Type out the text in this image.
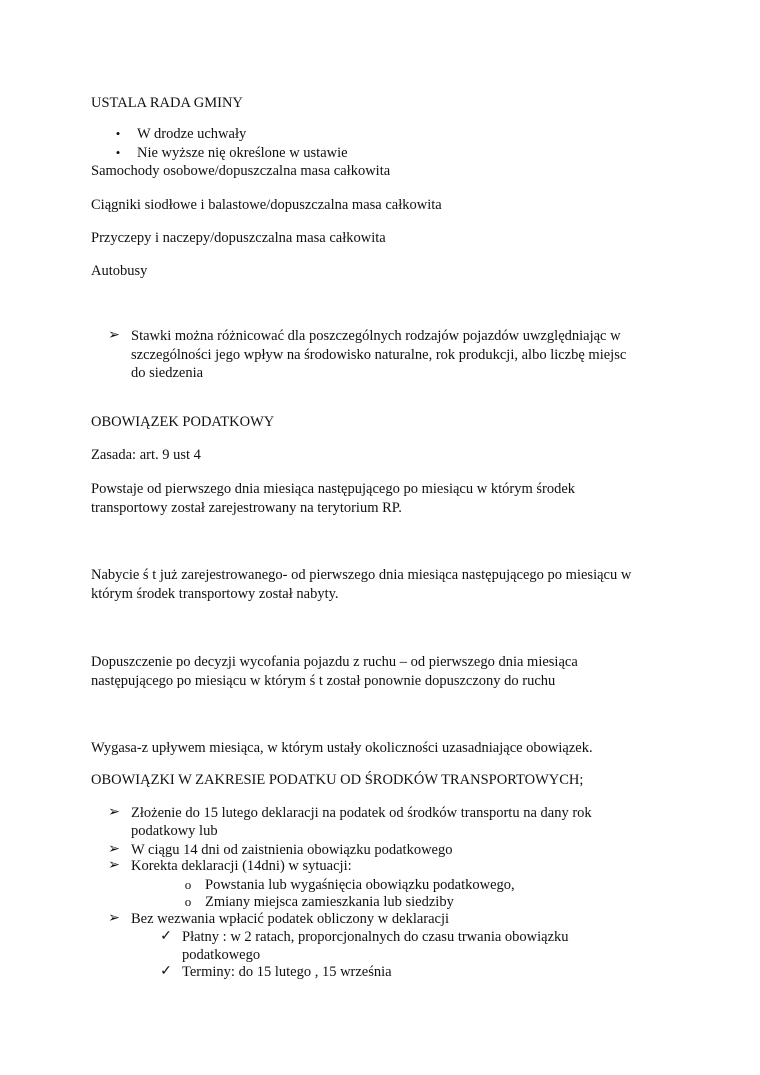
USTALA RADA GMINY
•	W drodze uchwały
•	Nie wyższe nię określone w ustawie
Samochody osobowe/dopuszczalna masa całkowita
Ciągniki siodłowe i balastowe/dopuszczalna masa całkowita
Przyczepy i naczepy/dopuszczalna masa całkowita
Autobusy
➢ Stawki można różnicować dla poszczególnych rodzajów pojazdów uwzględniając w
szczególności jego wpływ na środowisko naturalne, rok produkcji, albo liczbę miejsc
do siedzenia
OBOWIĄZEK PODATKOWY
Zasada: art. 9 ust 4
Powstaje od pierwszego dnia miesiąca następującego po miesiącu w którym środek
transportowy został zarejestrowany na terytorium RP.
Nabycie ś t już zarejestrowanego- od pierwszego dnia miesiąca następującego po miesiącu w
którym środek transportowy został nabyty.
Dopuszczenie po decyzji wycofania pojazdu z ruchu – od pierwszego dnia miesiąca
następującego po miesiącu w którym ś t został ponownie dopuszczony do ruchu
Wygasa-z upływem miesiąca, w którym ustały okoliczności uzasadniające obowiązek.
OBOWIĄZKI W ZAKRESIE PODATKU OD ŚRODKÓW TRANSPORTOWYCH;
➢ Złożenie do 15 lutego deklaracji na podatek od środków transportu na dany rok
podatkowy lub
➢ W ciągu 14 dni od zaistnienia obowiązku podatkowego
➢ Korekta deklaracji (14dni) w sytuacji:
o Powstania lub wygaśnięcia obowiązku podatkowego,
o Zmiany miejsca zamieszkania lub siedziby
➢ Bez wezwania wpłacić podatek obliczony w deklaracji
✓ Płatny : w 2 ratach, proporcjonalnych do czasu trwania obowiązku
podatkowego
✓ Terminy: do 15 lutego , 15 września
